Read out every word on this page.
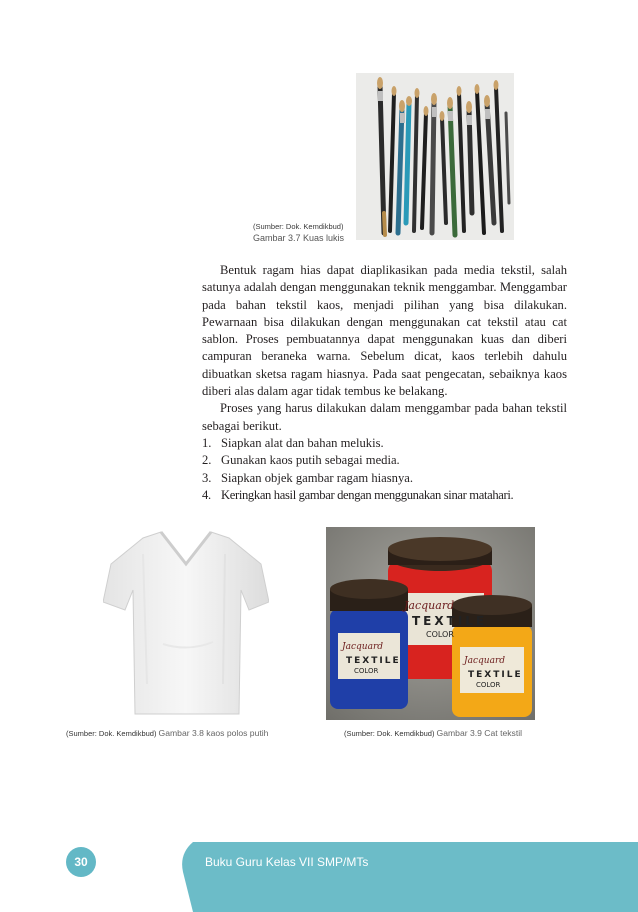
(Sumber: Dok. Kemdikbud)
Gambar 3.7 Kuas lukis

Bentuk ragam hias dapat diaplikasikan pada media tekstil, salah satunya adalah dengan menggunakan teknik menggambar. Menggambar pada bahan tekstil kaos, menjadi pilihan yang bisa dilakukan. Pewarnaan bisa dilakukan dengan menggunakan cat tekstil atau cat sablon. Proses pembuatannya dapat menggunakan kuas dan diberi campuran beraneka warna. Sebelum dicat, kaos terlebih dahulu dibuatkan sketsa ragam hiasnya. Pada saat pengecatan, sebaiknya kaos diberi alas dalam agar tidak tembus ke belakang.

Proses yang harus dilakukan dalam menggambar pada bahan tekstil sebagai berikut.

1. Siapkan alat dan bahan melukis.
2. Gunakan kaos putih sebagai media.
3. Siapkan objek gambar ragam hiasnya.
4. Keringkan hasil gambar dengan menggunakan sinar matahari.
(Sumber: Dok. Kemdikbud) Gambar 3.8 kaos polos putih
Jacquard
Jacquard
Jacquard
TEXTILE
COLOR
TEXTILE
COLOR	TEXTILE
COLOR
(Sumber: Dok. Kemdikbud) Gambar 3.9 Cat tekstil
30	Buku Guru Kelas VII SMP/MTs
